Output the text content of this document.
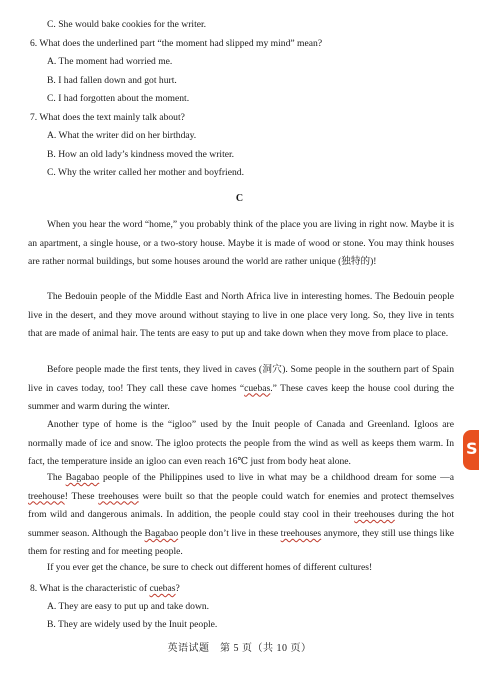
C. She would bake cookies for the writer.
6. What does the underlined part “the moment had slipped my mind” mean?
A. The moment had worried me.
B. I had fallen down and got hurt.
C. I had forgotten about the moment.
7. What does the text mainly talk about?
A. What the writer did on her birthday.
B. How an old lady’s kindness moved the writer.
C. Why the writer called her mother and boyfriend.
C
When you hear the word “home,” you probably think of the place you are living in right now. Maybe it is an apartment, a single house, or a two-story house. Maybe it is made of wood or stone. You may think houses are rather normal buildings, but some houses around the world are rather unique (独特的)!
The Bedouin people of the Middle East and North Africa live in interesting homes. The Bedouin people live in the desert, and they move around without staying to live in one place very long. So, they live in tents that are made of animal hair. The tents are easy to put up and take down when they move from place to place.
Before people made the first tents, they lived in caves (洞穴). Some people in the southern part of Spain live in caves today, too! They call these cave homes “cuebas.” These caves keep the house cool during the summer and warm during the winter.
Another type of home is the “igloo” used by the Inuit people of Canada and Greenland. Igloos are normally made of ice and snow. The igloo protects the people from the wind as well as keeps them warm. In fact, the temperature inside an igloo can even reach 16℃ just from body heat alone.
The Bagabao people of the Philippines used to live in what may be a childhood dream for some —a treehouse! These treehouses were built so that the people could watch for enemies and protect themselves from wild and dangerous animals. In addition, the people could stay cool in their treehouses during the hot summer season. Although the Bagabao people don’t live in these treehouses anymore, they still use things like them for resting and for meeting people.
If you ever get the chance, be sure to check out different homes of different cultures!
8. What is the characteristic of cuebas?
A. They are easy to put up and take down.
B. They are widely used by the Inuit people.
英语试题　第 5 页（共 10 页）
S
